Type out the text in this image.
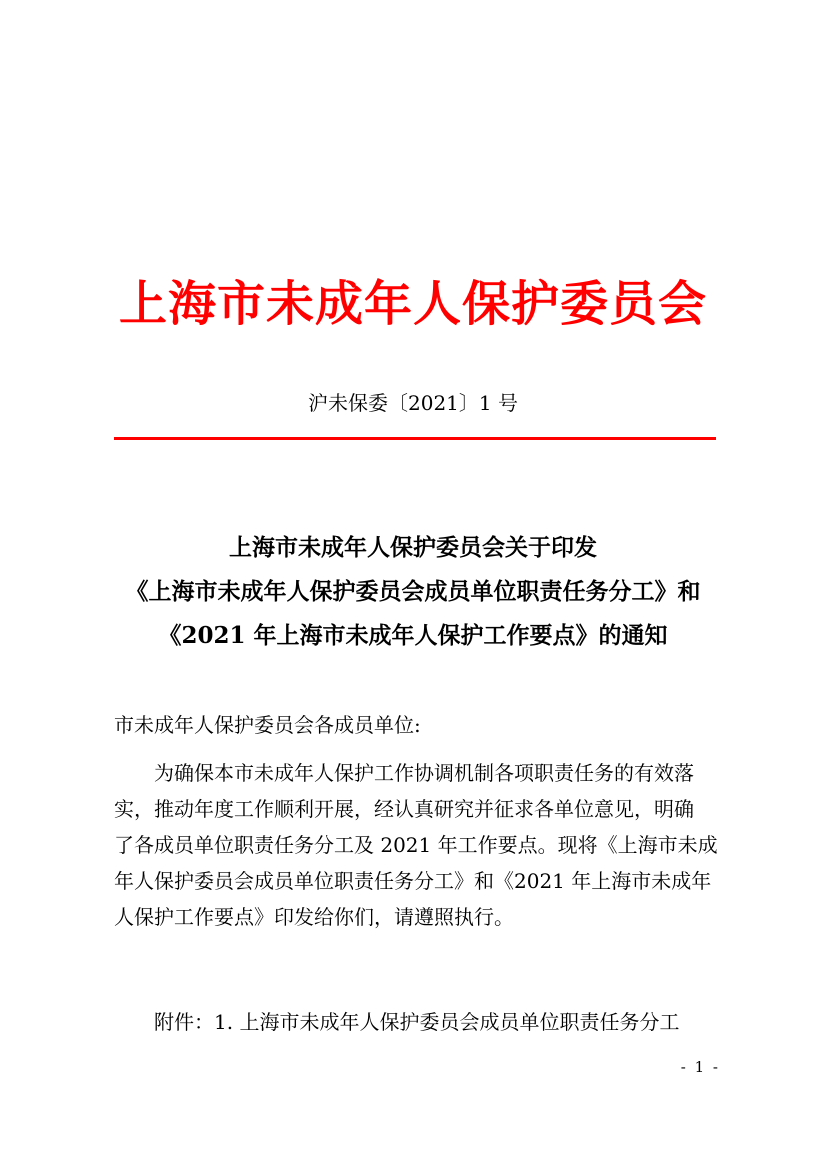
上海市未成年人保护委员会
沪未保委〔2021〕1 号
上海市未成年人保护委员会关于印发
《上海市未成年人保护委员会成员单位职责任务分工》和
《2021 年上海市未成年人保护工作要点》的通知
市未成年人保护委员会各成员单位:
为确保本市未成年人保护工作协调机制各项职责任务的有效落
实，推动年度工作顺利开展，经认真研究并征求各单位意见，明确
了各成员单位职责任务分工及 2021 年工作要点。现将《上海市未成
年人保护委员会成员单位职责任务分工》和《2021 年上海市未成年
人保护工作要点》印发给你们，请遵照执行。
附件：1. 上海市未成年人保护委员会成员单位职责任务分工
- 1 -
